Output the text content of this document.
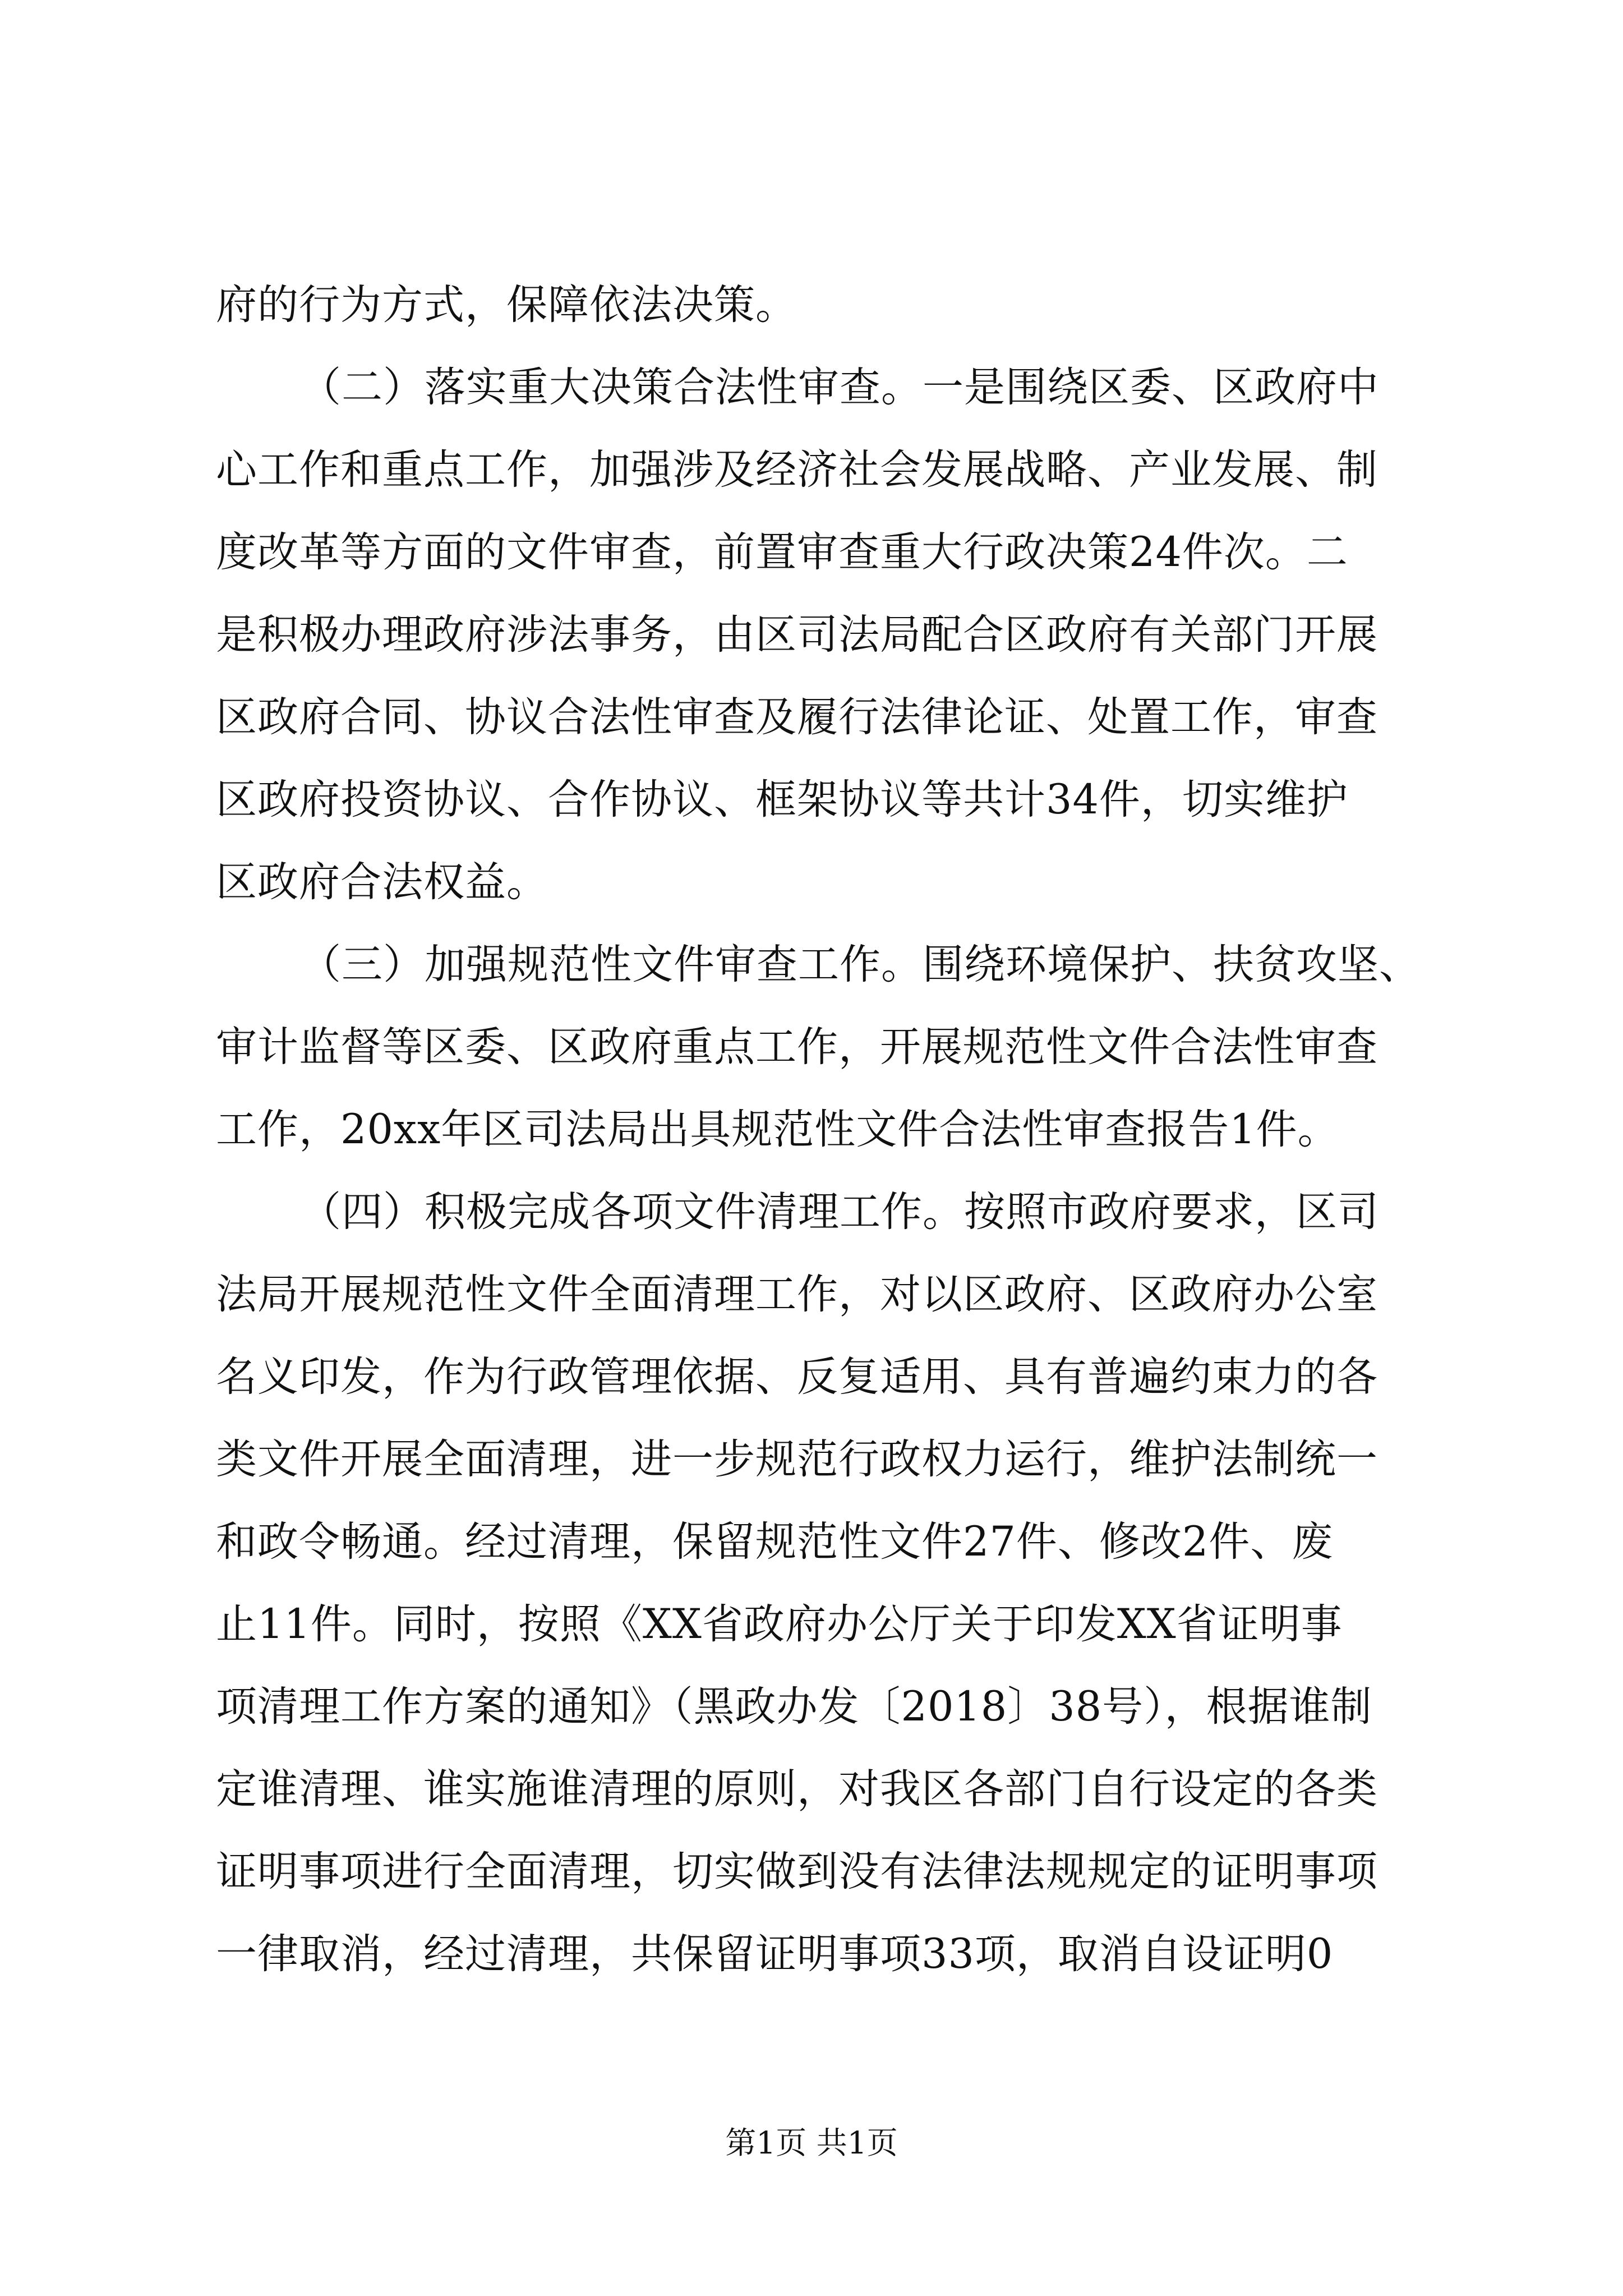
府的行为方式，保障依法决策。
（二）落实重大决策合法性审查。一是围绕区委、区政府中
心工作和重点工作，加强涉及经济社会发展战略、产业发展、制
度改革等方面的文件审查，前置审查重大行政决策24件次。二
是积极办理政府涉法事务，由区司法局配合区政府有关部门开展
区政府合同、协议合法性审查及履行法律论证、处置工作，审查
区政府投资协议、合作协议、框架协议等共计34件，切实维护
区政府合法权益。
（三）加强规范性文件审查工作。围绕环境保护、扶贫攻坚、
审计监督等区委、区政府重点工作，开展规范性文件合法性审查
工作，20xx年区司法局出具规范性文件合法性审查报告1件。
（四）积极完成各项文件清理工作。按照市政府要求，区司
法局开展规范性文件全面清理工作，对以区政府、区政府办公室
名义印发，作为行政管理依据、反复适用、具有普遍约束力的各
类文件开展全面清理，进一步规范行政权力运行，维护法制统一
和政令畅通。经过清理，保留规范性文件27件、修改2件、废
止11件。同时，按照《XX省政府办公厅关于印发XX省证明事
项清理工作方案的通知》（黑政办发〔2018〕38号），根据谁制
定谁清理、谁实施谁清理的原则，对我区各部门自行设定的各类
证明事项进行全面清理，切实做到没有法律法规规定的证明事项
一律取消，经过清理，共保留证明事项33项，取消自设证明0
第1页 共1页
